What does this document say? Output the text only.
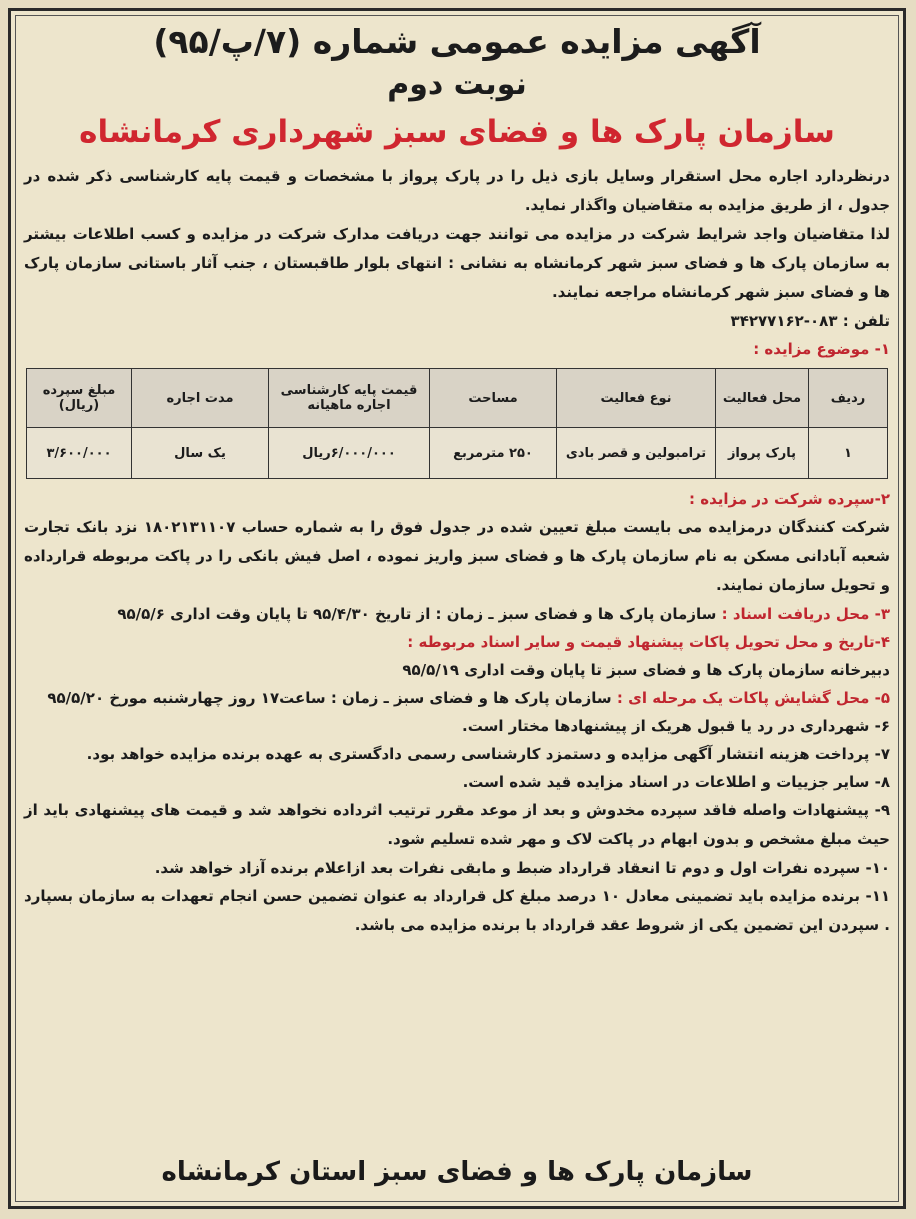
آگهی مزایده عمومی شماره (۷/پ/۹۵)
نوبت دوم
سازمان پارک ها و فضای سبز شهرداری کرمانشاه

درنظردارد اجاره محل استقرار وسایل بازی ذیل را در پارک پرواز با مشخصات و قیمت پایه کارشناسی ذکر شده در جدول ، از طریق مزایده به متقاضیان واگذار نماید.

لذا متقاضیان واجد شرایط شرکت در مزایده می توانند جهت دریافت مدارک شرکت در مزایده و کسب اطلاعات بیشتر به سازمان پارک ها و فضای سبز شهر کرمانشاه به نشانی : انتهای بلوار طاقبستان ، جنب آثار باستانی سازمان پارک ها و فضای سبز شهر کرمانشاه مراجعه نمایند.

تلفن : ۰۸۳-۳۴۲۷۷۱۶۲

۱- موضوع مزایده :

ردیف	محل فعالیت	نوع فعالیت	مساحت	قیمت پایه کارشناسی اجاره ماهیانه	مدت اجاره	مبلغ سپرده (ریال)
۱	پارک پرواز	ترامبولین و قصر بادی	۲۵۰ مترمربع	۶/۰۰۰/۰۰۰ریال	یک سال	۳/۶۰۰/۰۰۰

۲-سپرده شرکت در مزایده :

شرکت کنندگان درمزایده می بایست مبلغ تعیین شده در جدول فوق را به شماره حساب ۱۸۰۲۱۳۱۱۰۷ نزد بانک تجارت شعبه آبادانی مسکن به نام سازمان پارک ها و فضای سبز واریز نموده ، اصل فیش بانکی را در پاکت مربوطه قرارداده و تحویل سازمان نمایند.

۳- محل دریافت اسناد : سازمان پارک ها و فضای سبز ـ زمان : از تاریخ ۹۵/۴/۳۰ تا پایان وقت اداری ۹۵/۵/۶

۴-تاریخ و محل تحویل پاکات پیشنهاد قیمت و سایر اسناد مربوطه :

دبیرخانه سازمان پارک ها و فضای سبز تا پایان وقت اداری ۹۵/۵/۱۹

۵- محل گشایش پاکات یک مرحله ای : سازمان پارک ها و فضای سبز ـ زمان : ساعت۱۷ روز چهارشنبه مورخ ۹۵/۵/۲۰

۶- شهرداری در رد یا قبول هریک از پیشنهادها مختار است.

۷- پرداخت هزینه انتشار آگهی مزایده و دستمزد کارشناسی رسمی دادگستری به عهده برنده مزایده خواهد بود.

۸- سایر جزییات و اطلاعات در اسناد مزایده قید شده است.

۹- پیشنهادات واصله فاقد سپرده مخدوش و بعد از موعد مقرر ترتیب اثرداده نخواهد شد و قیمت های پیشنهادی باید از حیث مبلغ مشخص و بدون ابهام در پاکت لاک و مهر شده تسلیم شود.

۱۰- سپرده نفرات اول و دوم تا انعقاد قرارداد ضبط و مابقی نفرات بعد ازاعلام برنده آزاد خواهد شد.

۱۱- برنده مزایده باید تضمینی معادل ۱۰ درصد مبلغ کل قرارداد به عنوان تضمین حسن انجام تعهدات به سازمان بسپارد . سپردن این تضمین یکی از شروط عقد قرارداد با برنده مزایده می باشد.

سازمان پارک ها و فضای سبز استان کرمانشاه
